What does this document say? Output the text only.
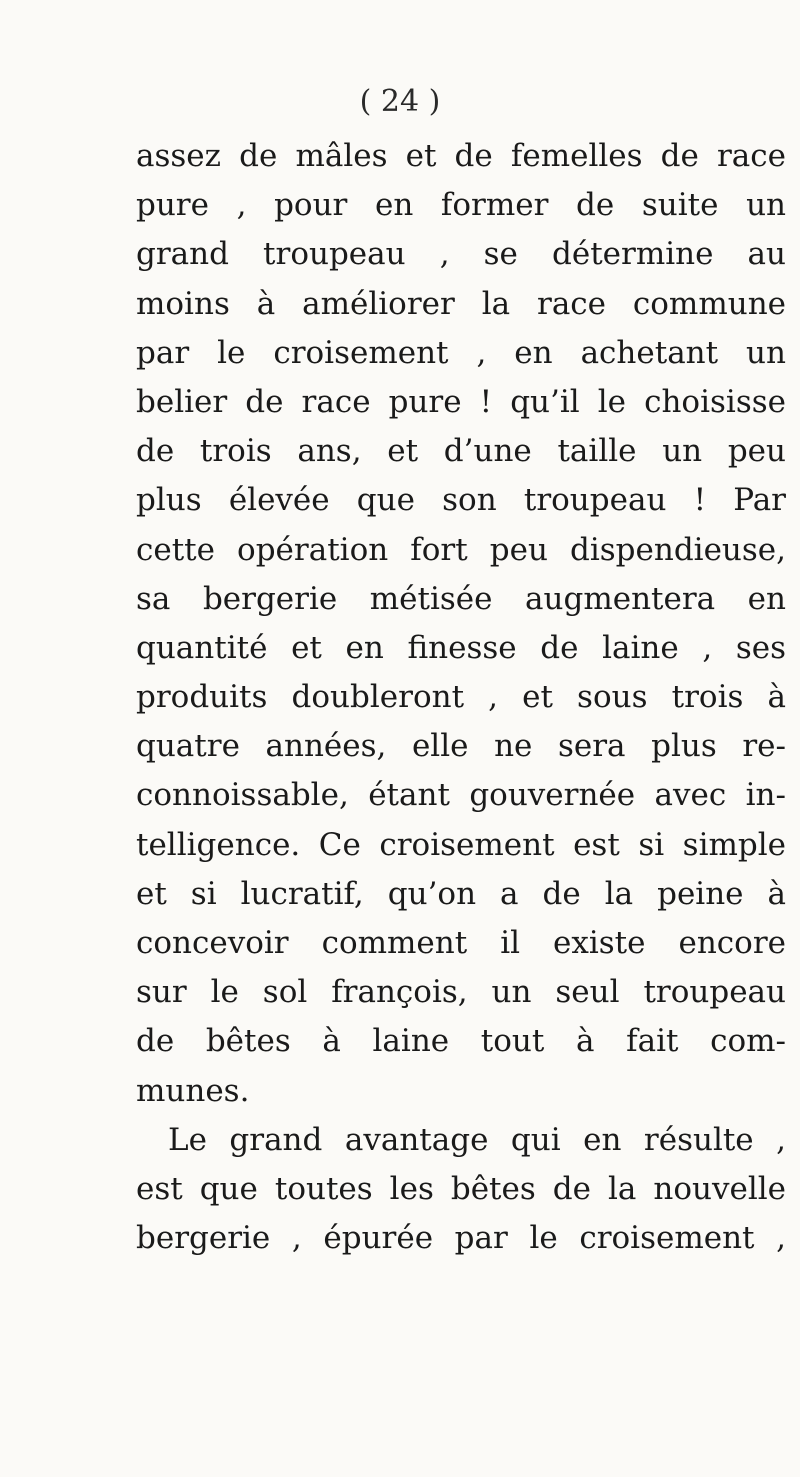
( 24 )
assez de mâles et de femelles de race
pure , pour en former de suite un
grand troupeau , se détermine au
moins à améliorer la race commune
par le croisement , en achetant un
belier de race pure ! qu’il le choisisse
de trois ans, et d’une taille un peu
plus élevée que son troupeau ! Par
cette opération fort peu dispendieuse,
sa bergerie métisée augmentera en
quantité et en finesse de laine , ses
produits doubleront , et sous trois à
quatre années, elle ne sera plus re-
connoissable, étant gouvernée avec in-
telligence. Ce croisement est si simple
et si lucratif, qu’on a de la peine à
concevoir comment il existe encore
sur le sol françois, un seul troupeau
de bêtes à laine tout à fait com-
munes.
Le grand avantage qui en résulte ,
est que toutes les bêtes de la nouvelle
bergerie , épurée par le croisement ,
